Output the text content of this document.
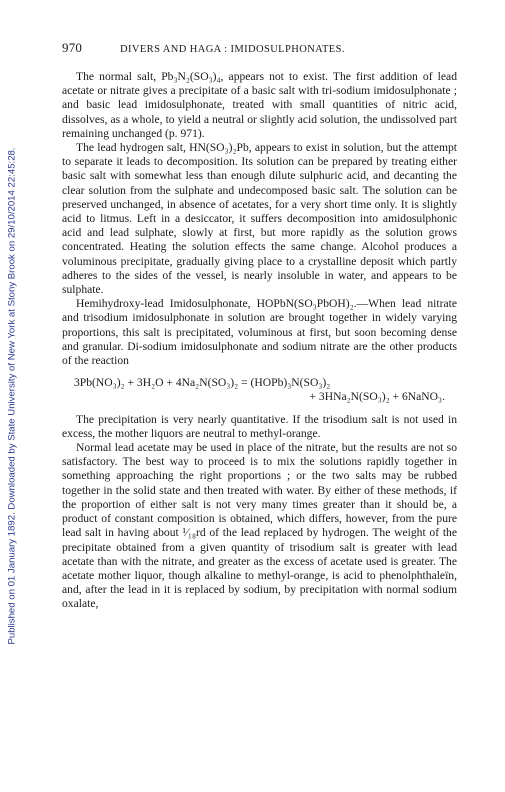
Published on 01 January 1892. Downloaded by State University of New York at Stony Brook on 29/10/2014 22:45:28.
970	DIVERS AND HAGA : IMIDOSULPHONATES.

The normal salt, Pb₃N₂(SO₃)₄, appears not to exist. The first addition of lead acetate or nitrate gives a precipitate of a basic salt with tri-sodium imidosulphonate ; and basic lead imidosulphonate, treated with small quantities of nitric acid, dissolves, as a whole, to yield a neutral or slightly acid solution, the undissolved part remaining unchanged (p. 971).

The lead hydrogen salt, HN(SO₃)₂Pb, appears to exist in solution, but the attempt to separate it leads to decomposition. Its solution can be prepared by treating either basic salt with somewhat less than enough dilute sulphuric acid, and decanting the clear solution from the sulphate and undecomposed basic salt. The solution can be preserved unchanged, in absence of acetates, for a very short time only. It is slightly acid to litmus. Left in a desiccator, it suffers decomposition into amidosulphonic acid and lead sulphate, slowly at first, but more rapidly as the solution grows concentrated. Heating the solution effects the same change. Alcohol produces a voluminous precipitate, gradually giving place to a crystalline deposit which partly adheres to the sides of the vessel, is nearly insoluble in water, and appears to be sulphate.

Hemihydroxy-lead Imidosulphonate, HOPbN(SO₃PbOH)₂.—When lead nitrate and trisodium imidosulphonate in solution are brought together in widely varying proportions, this salt is precipitated, voluminous at first, but soon becoming dense and granular. Di-sodium imidosulphonate and sodium nitrate are the other products of the reaction

3Pb(NO₃)₂ + 3H₂O + 4Na₂N(SO₃)₂ = (HOPb)₃N(SO₃)₂
+ 3HNa₂N(SO₃)₂ + 6NaNO₃.

The precipitation is very nearly quantitative. If the trisodium salt is not used in excess, the mother liquors are neutral to methyl-orange.

Normal lead acetate may be used in place of the nitrate, but the results are not so satisfactory. The best way to proceed is to mix the solutions rapidly together in something approaching the right proportions ; or the two salts may be rubbed together in the solid state and then treated with water. By either of these methods, if the proportion of either salt is not very many times greater than it should be, a product of constant composition is obtained, which differs, however, from the pure lead salt in having about ¹⁄₁₈rd of the lead replaced by hydrogen. The weight of the precipitate obtained from a given quantity of trisodium salt is greater with lead acetate than with the nitrate, and greater as the excess of acetate used is greater. The acetate mother liquor, though alkaline to methyl-orange, is acid to phenolphthaleïn, and, after the lead in it is replaced by sodium, by precipitation with normal sodium oxalate,
